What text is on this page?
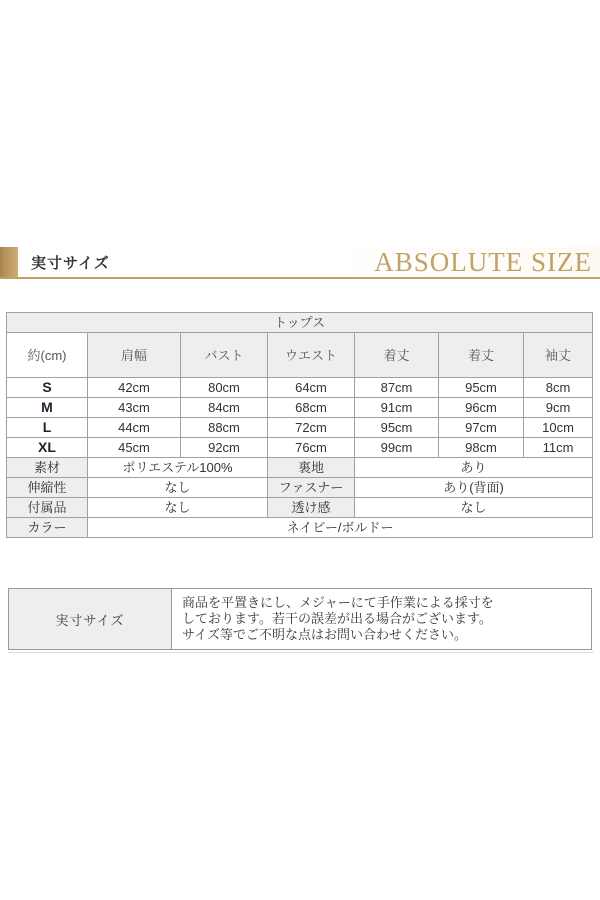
実寸サイズ	ABSOLUTE SIZE
トップス						
約(cm)	肩幅	バスト	ウエスト	着丈	着丈	袖丈
S	42cm	80cm	64cm	87cm	95cm	8cm
M	43cm	84cm	68cm	91cm	96cm	9cm
L	44cm	88cm	72cm	95cm	97cm	10cm
XL	45cm	92cm	76cm	99cm	98cm	11cm
素材	ポリエステル100%		裏地	あり		
伸縮性	なし		ファスナー	あり(背面)		
付属品	なし		透け感	なし		
カラー	ネイビー/ボルドー					
実寸サイズ	
商品を平置きにし、メジャーにて手作業による採寸を
しております。若干の誤差が出る場合がございます。
サイズ等でご不明な点はお問い合わせください。
